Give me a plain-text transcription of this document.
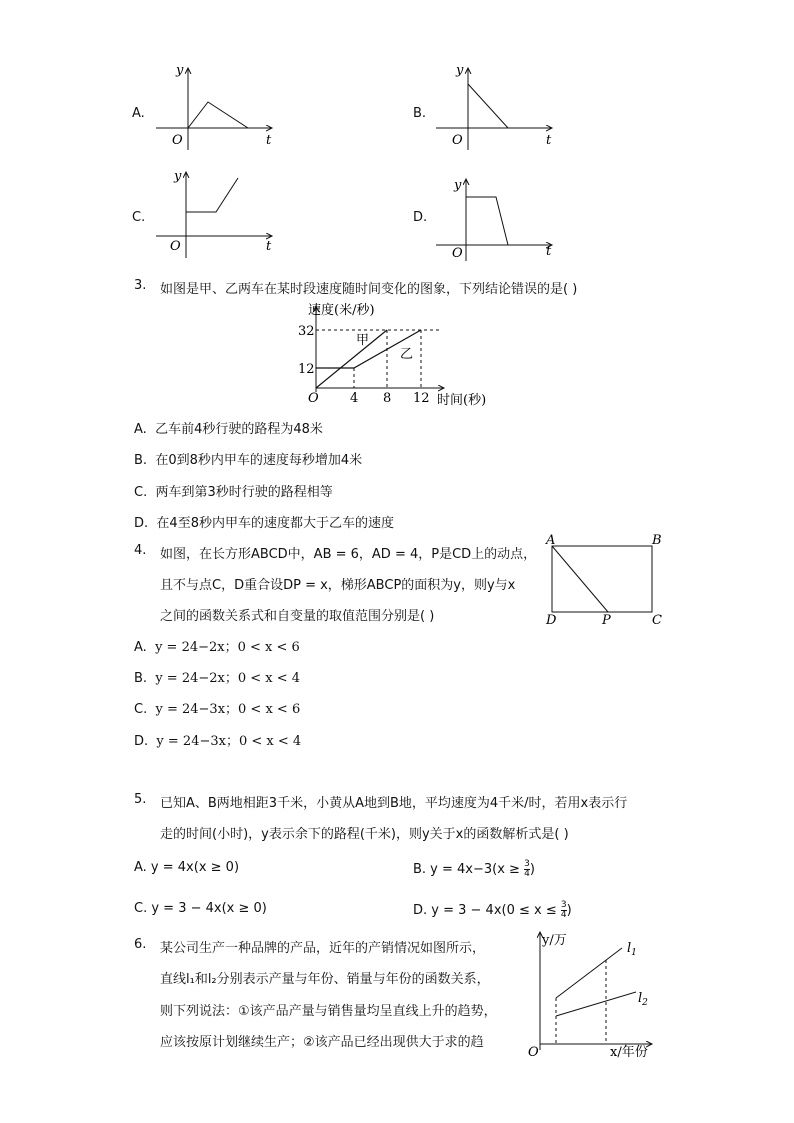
A.
y
t
O
B.
y
t
O
C.
y
t
O
D.
y
t
O
3. 如图是甲、乙两车在某时段速度随时间变化的图象，下列结论错误的是( )
速度(米/秒)
时间(秒)
O
32
12
4 8 12
甲
乙
A. 乙车前4秒行驶的路程为48米
B. 在0到8秒内甲车的速度每秒增加4米
C. 两车到第3秒时行驶的路程相等
D. 在4至8秒内甲车的速度都大于乙车的速度
4. 如图，在长方形ABCD中，AB = 6，AD = 4，P是CD上的动点，
且不与点C，D重合设DP = x，梯形ABCP的面积为y，则y与x
之间的函数关系式和自变量的取值范围分别是( )
A	B
C
D	P
A. y = 24−2x；0 < x < 6
B. y = 24−2x；0 < x < 4
C. y = 24−3x；0 < x < 6
D. y = 24−3x；0 < x < 4
5. 已知A、B两地相距3千米，小黄从A地到B地，平均速度为4千米/时，若用x表示行
走的时间(小时)，y表示余下的路程(千米)，则y关于x的函数解析式是( )
A. y = 4x(x ≥ 0)	B. $y = 4x-3(x \ge \frac{3}{4}$ )
C. y = 3 − 4x(x ≥ 0)	D. $y = 3 - 4x(0 \le x \le \frac{3}{4}$ )
6. 某公司生产一种品牌的产品，近年的产销情况如图所示，
直线l₁和l₂分别表示产量与年份、销量与年份的函数关系，
则下列说法：①该产品产量与销售量均呈直线上升的趋势，
应该按原计划继续生产；②该产品已经出现供大于求的趋
y/万
x/年份
O
$l_1$
$l_2$
